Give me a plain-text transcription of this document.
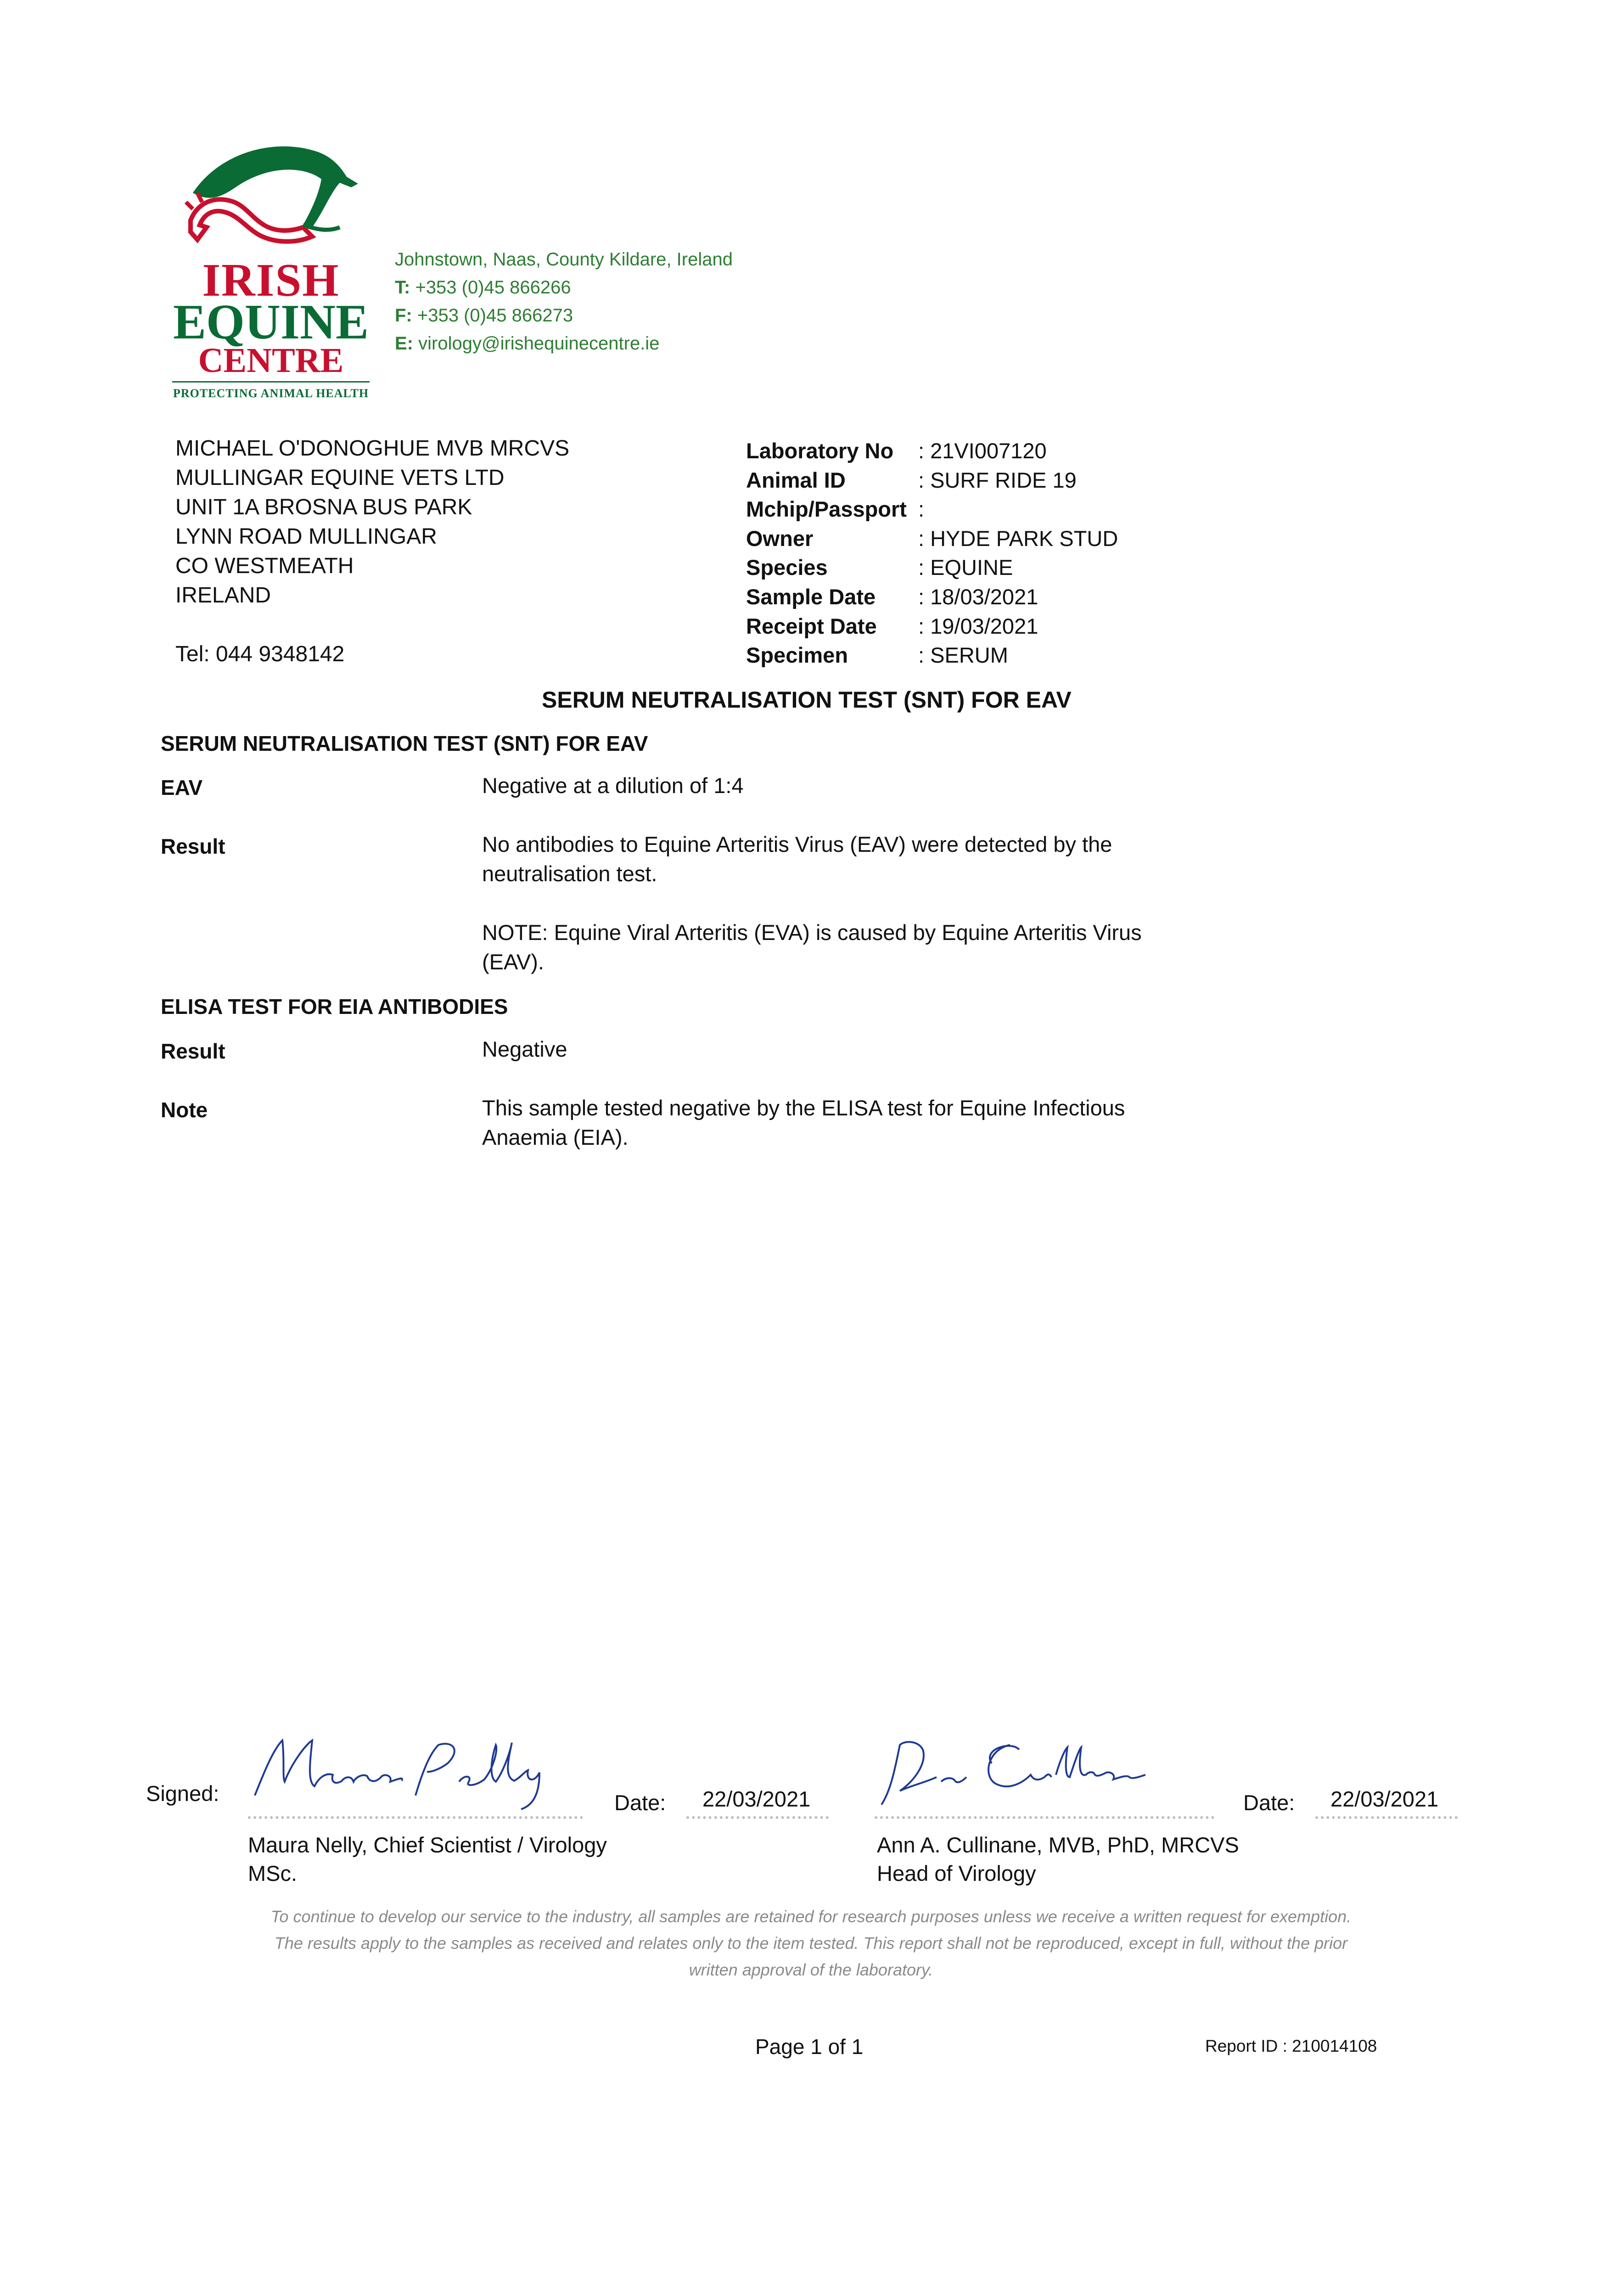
IRISH
EQUINE
CENTRE
PROTECTING ANIMAL HEALTH
Johnstown, Naas, County Kildare, Ireland
T: +353 (0)45 866266
F: +353 (0)45 866273
E: virology@irishequinecentre.ie
MICHAEL O'DONOGHUE MVB MRCVS
MULLINGAR EQUINE VETS LTD
UNIT 1A BROSNA BUS PARK
LYNN ROAD MULLINGAR
CO WESTMEATH
IRELAND
Tel: 044 9348142
Laboratory No	: 21VI007120
Animal ID	: SURF RIDE 19
Mchip/Passport :
Owner	: HYDE PARK STUD
Species	: EQUINE
Sample Date	: 18/03/2021
Receipt Date	: 19/03/2021
Specimen	: SERUM
SERUM NEUTRALISATION TEST (SNT) FOR EAV
SERUM NEUTRALISATION TEST (SNT) FOR EAV
EAV	Negative at a dilution of 1:4
Result	No antibodies to Equine Arteritis Virus (EAV) were detected by the
neutralisation test.
NOTE: Equine Viral Arteritis (EVA) is caused by Equine Arteritis Virus
(EAV).
ELISA TEST FOR EIA ANTIBODIES
Result	Negative
Note	This sample tested negative by the ELISA test for Equine Infectious
Anaemia (EIA).
Signed:	Date: 22/03/2021	Date: 22/03/2021
Maura Nelly, Chief Scientist / Virology
MSc.
Ann A. Cullinane, MVB, PhD, MRCVS
Head of Virology
To continue to develop our service to the industry, all samples are retained for research purposes unless we receive a written request for exemption.
The results apply to the samples as received and relates only to the item tested. This report shall not be reproduced, except in full, without the prior
written approval of the laboratory.
Page 1 of 1	Report ID : 210014108
